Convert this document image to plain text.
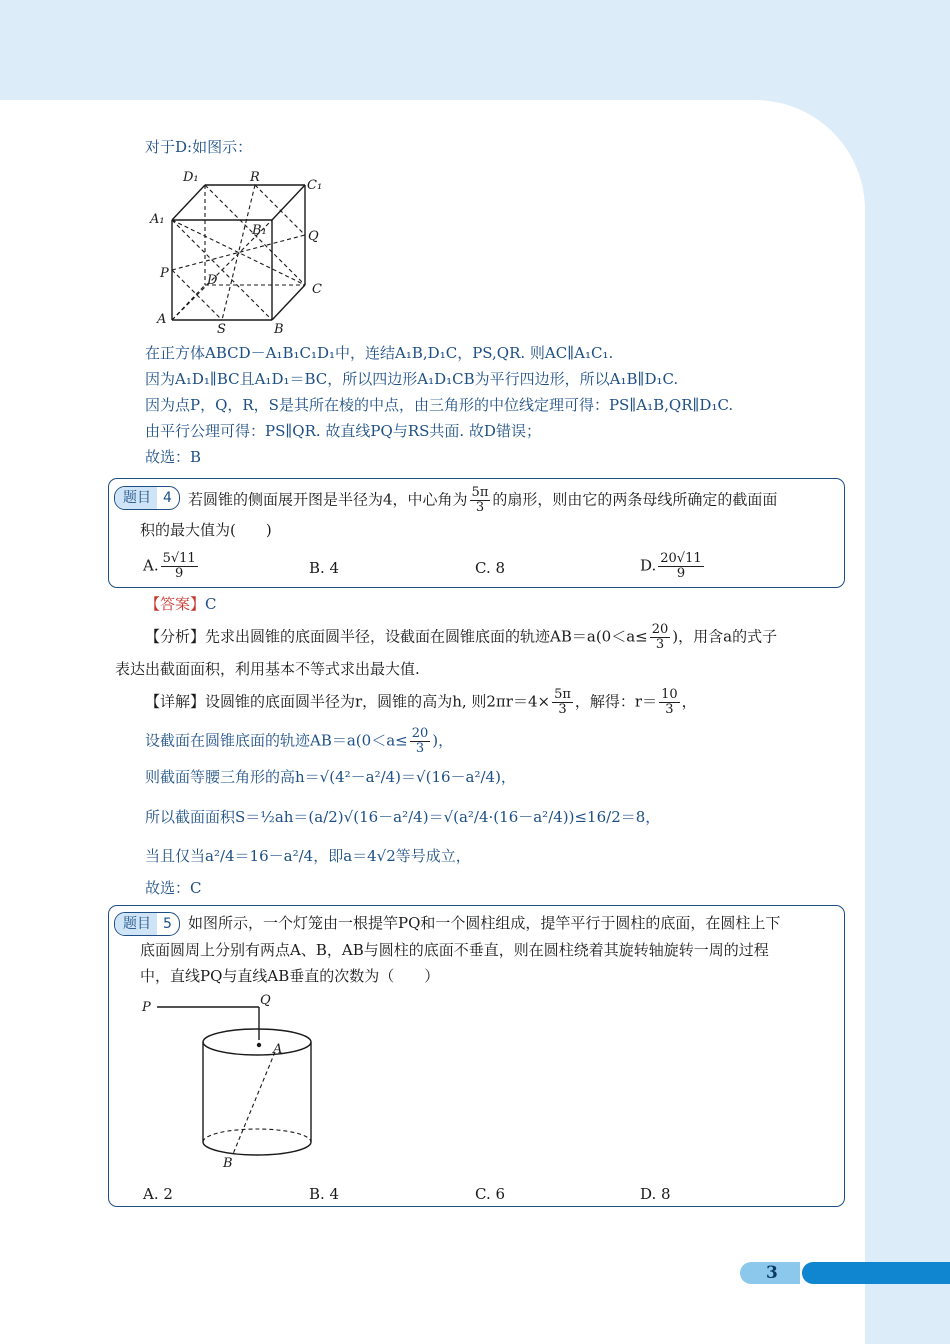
对于D:如图示：
D₁	R
C₁
A₁
B₁	Q
P	D
C
A
S	B
在正方体ABCD－A₁B₁C₁D₁中，连结A₁B,D₁C，PS,QR. 则AC∥A₁C₁.
因为A₁D₁∥BC且A₁D₁＝BC，所以四边形A₁D₁CB为平行四边形，所以A₁B∥D₁C.
因为点P，Q，R，S是其所在棱的中点，由三角形的中位线定理可得：PS∥A₁B,QR∥D₁C.
由平行公理可得：PS∥QR. 故直线PQ与RS共面. 故D错误；
故选：B
题目 4	若圆锥的侧面展开图是半径为4，中心角为 $\frac{5\pi}{3}$ 的扇形，则由它的两条母线所确定的截面面
积的最大值为(　　)
A. $\frac{5√11}{9}$	B. 4	C. 8	D. $\frac{20√11}{9}$
【答案】C
【分析】先求出圆锥的底面圆半径，设截面在圆锥底面的轨迹$AB=a(0<a\le \frac{20}{3}$ )，用含a的式子
表达出截面面积，利用基本不等式求出最大值.
【详解】设圆锥的底面圆半径为r，圆锥的高为h, 则$2\pi r=4\times \frac{5\pi}{3}$ ，解得：$r= \frac{10}{3}$ ，
设截面在圆锥底面的轨迹$AB=a(0<a\le \frac{20}{3}$ )，
则截面等腰三角形的高h＝√(4²－a²/4)＝√(16－a²/4)，
所以截面面积S＝½ah＝(a/2)√(16－a²/4)＝√(a²/4·(16－a²/4))≤16/2＝8，
当且仅当a²/4＝16－a²/4，即a＝4√2等号成立，
故选：C
题目 5	如图所示，一个灯笼由一根提竿PQ和一个圆柱组成，提竿平行于圆柱的底面，在圆柱上下
底面圆周上分别有两点A、B，AB与圆柱的底面不垂直，则在圆柱绕着其旋转轴旋转一周的过程
中，直线PQ与直线AB垂直的次数为（　　）
P	Q
A
B
A. 2	B. 4	C. 6	D. 8
3
